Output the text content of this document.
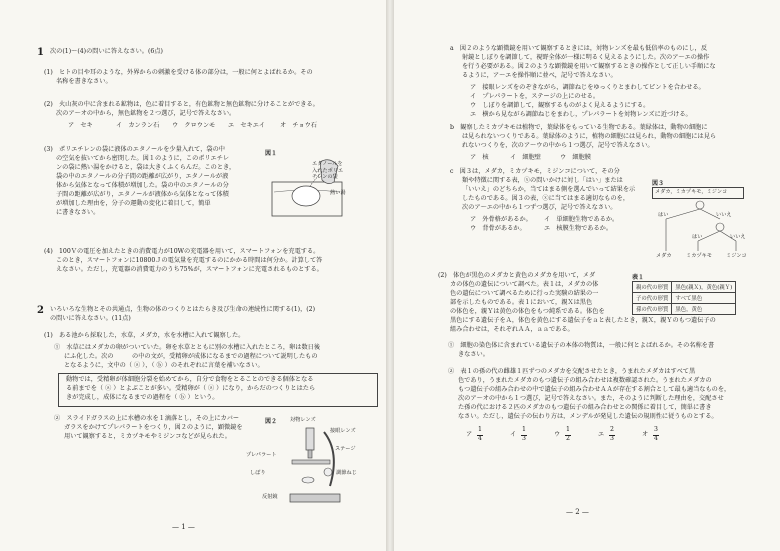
1 次の(1)〜(4)の問いに答えなさい。(6点)
(1)　ヒトの目や耳のような，外界からの刺激を受ける体の部分は，一般に何とよばれるか。その
名称を書きなさい。
(2)　火山灰の中に含まれる鉱物は，色に着目すると，有色鉱物と無色鉱物に分けることができる。
次のア〜オの中から，無色鉱物を２つ選び，記号で答えなさい。
ア　セキ	イ　カンラン石 ウ　クロウンモ エ　セキエイ オ　チョウ石
(3)　ポリエチレンの袋に液体のエタノールを少量入れて，袋の中
の空気を抜いてから密閉した。図１のように，このポリエチレ
ンの袋に熱い湯をかけると，袋は大きくふくらんだ。このとき，
袋の中のエタノールの分子間の距離が広がり，エタノールが液
体から気体となって体積が増加した。袋の中のエタノールの分
子間の距離が広がり，エタノールが液体から気体となって体積
が増加した理由を，分子の運動の変化に着目して，簡単
に書きなさい。
図１
エタノールを入れたポリエチレンの袋
熱い湯
(4)　100Ｖの電圧を加えたときの消費電力が10Wの充電器を用いて，スマートフォンを充電する。
このとき，スマートフォンに10800Ｊの電気量を充電するのにかかる時間は何分か。計算して答
えなさい。ただし，充電器の消費電力のうち75%が，スマートフォンに充電されるものとする。
2 いろいろな生物とその共通点，生物の体のつくりとはたらき及び生命の連続性に関する(1)，(2)
の問いに答えなさい。(11点)
(1)　ある池から採取した，水草，メダカ，水を水槽に入れて観察した。
①　水草にはメダカの卵がついていた。卵を水草とともに別の水槽に入れたところ，卵は数日後
にふ化した。次の　　　の中の文が，受精卵が成体になるまでの過程について説明したもの
となるように，文中の（ ⓐ ），（ ⓑ ）のそれぞれに言葉を補いなさい。
動物では，受精卵が体細胞分裂を始めてから，自分で食物をとることのできる個体となる
る前までを（ ⓐ ）とよぶことが多い。受精卵が（ ⓐ ）になり，からだのつくりとはたら
きが完成し，成体になるまでの過程を（ ⓑ ）という。
②　スライドガラスの上に水槽の水を１滴落とし，その上にカバー
ガラスをかけてプレパラートをつくり，図２のように，顕微鏡を
用いて観察すると，ミカヅキモやミジンコなどが見られた。
図２ 対物レンズ
接眼レンズ
ステージ
プレパラート
しぼり	調節ねじ
反射鏡
— 1 —
a　図２のような顕微鏡を用いて観察するときには，対物レンズを最も低倍率のものにし，反
射鏡としぼりを調節して，視野全体が一様に明るく見えるようにした。次のア〜エの操作
を行う必要がある。図２のような顕微鏡を用いて観察するときの操作として正しい手順にな
るように，ア〜エを操作順に並べ，記号で答えなさい。
ア　接眼レンズをのぞきながら，調節ねじをゆっくりとまわしてピントを合わせる。
イ　プレパラートを，ステージの上にのせる。
ウ　しぼりを調節して，観察するものがよく見えるようにする。
エ　横から見ながら調節ねじをまわし，プレパラートを対物レンズに近づける。
b　観察したミカヅキモは植物で，葉緑体をもっている生物である。葉緑体は，動物の細胞に
は見られないつくりである。葉緑体のように，植物の細胞には見られ，動物の細胞には見ら
れないつくりを，次のア〜ウの中から１つ選び，記号で答えなさい。
ア　核	イ　細胞壁	ウ　細胞膜
c　図３は，メダカ，ミカヅキモ，ミジンコについて，その分
類や特徴に関する表，ⓧの問いかけに対し「はい」または
「いいえ」のどちらか，当てはまる側を選んでいって結果を示
したものである。図３の表，ⓧに当てはまる適切なものを，
次のア〜エの中から１つずつ選び，記号で答えなさい。
ア　外骨格があるか。 イ　単細胞生物であるか。
ウ　背骨があるか。	エ　核膜生物であるか。
図３
メダカ，ミカヅキモ，ミジンコ
はい	いいえ
はい	いいえ
メダカ	ミカヅキモ	ミジンコ
(2)　体色が黒色のメダカと黄色のメダカを用いて，メダ
カの体色の遺伝について調べた。表１は，メダカの体
色の遺伝について調べるために行った実験の結果の一
部を示したものである。表１において，親Ｘは黒色
の体色を，親Ｙは黄色の体色をもつ純系である。体色を
黒色にする遺伝子をＡ，体色を黄色にする遺伝子をａと表したとき，親Ｘ，親Ｙのもつ遺伝子の
組み合わせは，それぞれＡＡ，ａａである。
表１
親の代の形質	黒色(親Ｘ)，黄色(親Ｙ)
子の代の形質	すべて黒色
孫の代の形質	黒色，黄色
①　細胞の染色体に含まれている遺伝子の本体の物質は，一般に何とよばれるか。その名称を書
きなさい。
②　表１の孫の代の雌雄１匹ずつのメダカを交配させたとき，うまれたメダカはすべて黒
色であり，うまれたメダカのもつ遺伝子の組み合わせは複数確認された。うまれたメダカの
もつ遺伝子の組み合わせの中で遺伝子の組み合わせＡＡが存在する割合として最も適当なものを，
次のア〜オの中から１つ選び，記号で答えなさい。また，そのように判断した理由を，交配させ
た孫の代における２匹のメダカのもつ遺伝子の組み合わせとの関係に着目して，簡単に書き
なさい。ただし，遺伝子の伝わり方は，メンデルが発見した遺伝の規則性に従うものとする。
ア
1
4
イ
1
3
ウ
1
2
エ
2
3
オ
3
4
— 2 —
